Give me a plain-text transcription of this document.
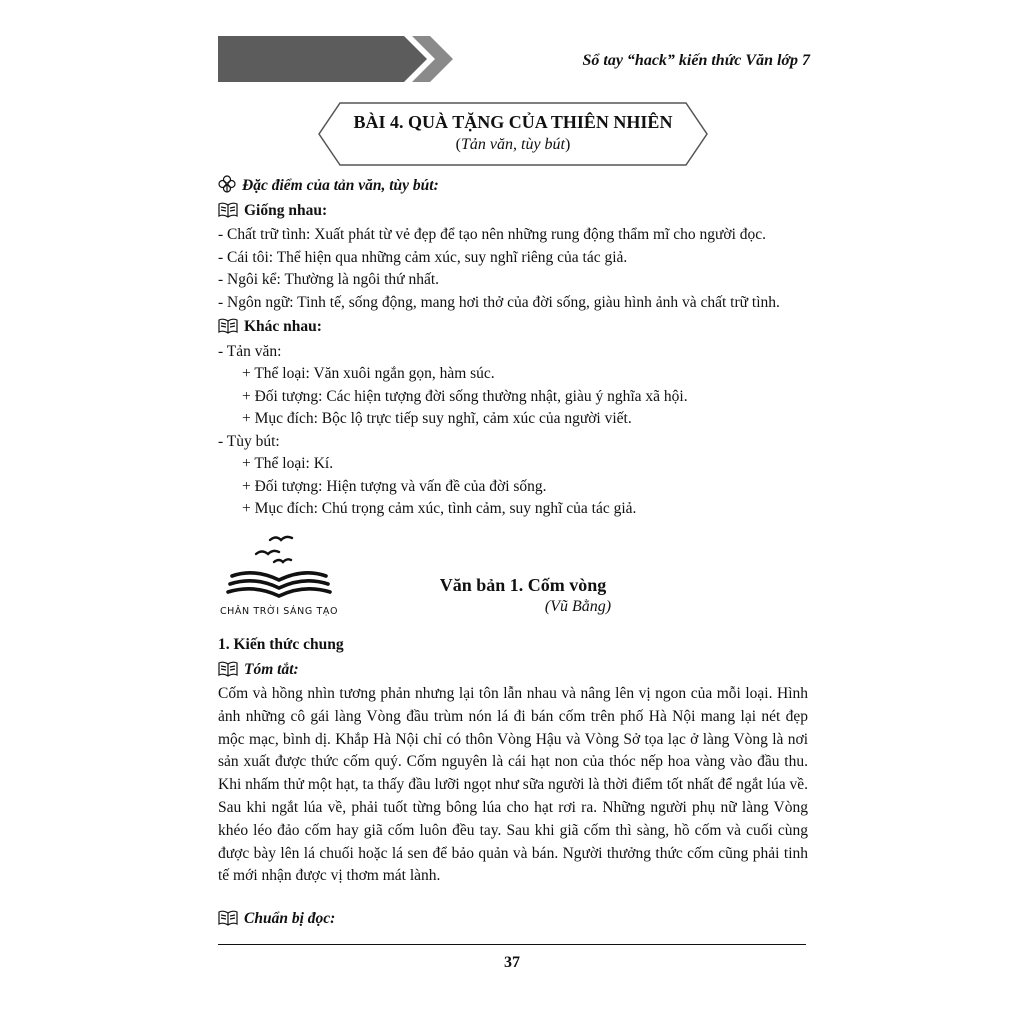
Sổ tay “hack” kiến thức Văn lớp 7
BÀI 4. QUÀ TẶNG CỦA THIÊN NHIÊN
(Tản văn, tùy bút)
Đặc điểm của tản văn, tùy bút:
Giống nhau:
- Chất trữ tình: Xuất phát từ vẻ đẹp để tạo nên những rung động thẩm mĩ cho người đọc.
- Cái tôi: Thể hiện qua những cảm xúc, suy nghĩ riêng của tác giả.
- Ngôi kể: Thường là ngôi thứ nhất.
- Ngôn ngữ: Tinh tế, sống động, mang hơi thở của đời sống, giàu hình ảnh và chất trữ tình.
Khác nhau:
- Tản văn:
+ Thể loại: Văn xuôi ngắn gọn, hàm súc.
+ Đối tượng: Các hiện tượng đời sống thường nhật, giàu ý nghĩa xã hội.
+ Mục đích: Bộc lộ trực tiếp suy nghĩ, cảm xúc của người viết.
- Tùy bút:
+ Thể loại: Kí.
+ Đối tượng: Hiện tượng và vấn đề của đời sống.
+ Mục đích: Chú trọng cảm xúc, tình cảm, suy nghĩ của tác giả.
CHÂN TRỜI SÁNG TẠO
Văn bản 1. Cốm vòng
(Vũ Bằng)
1. Kiến thức chung
Tóm tắt:
Cốm và hồng nhìn tương phản nhưng lại tôn lẫn nhau và nâng lên vị ngon của mỗi loại. Hình ảnh những cô gái làng Vòng đầu trùm nón lá đi bán cốm trên phố Hà Nội mang lại nét đẹp mộc mạc, bình dị. Khắp Hà Nội chỉ có thôn Vòng Hậu và Vòng Sở tọa lạc ở làng Vòng là nơi sản xuất được thức cốm quý. Cốm nguyên là cái hạt non của thóc nếp hoa vàng vào đầu thu. Khi nhấm thử một hạt, ta thấy đầu lưỡi ngọt như sữa người là thời điểm tốt nhất để ngắt lúa về. Sau khi ngắt lúa về, phải tuốt từng bông lúa cho hạt rơi ra. Những người phụ nữ làng Vòng khéo léo đảo cốm hay giã cốm luôn đều tay. Sau khi giã cốm thì sàng, hồ cốm và cuối cùng được bày lên lá chuối hoặc lá sen để bảo quản và bán. Người thưởng thức cốm cũng phải tinh tế mới nhận được vị thơm mát lành.
Chuẩn bị đọc:
37
